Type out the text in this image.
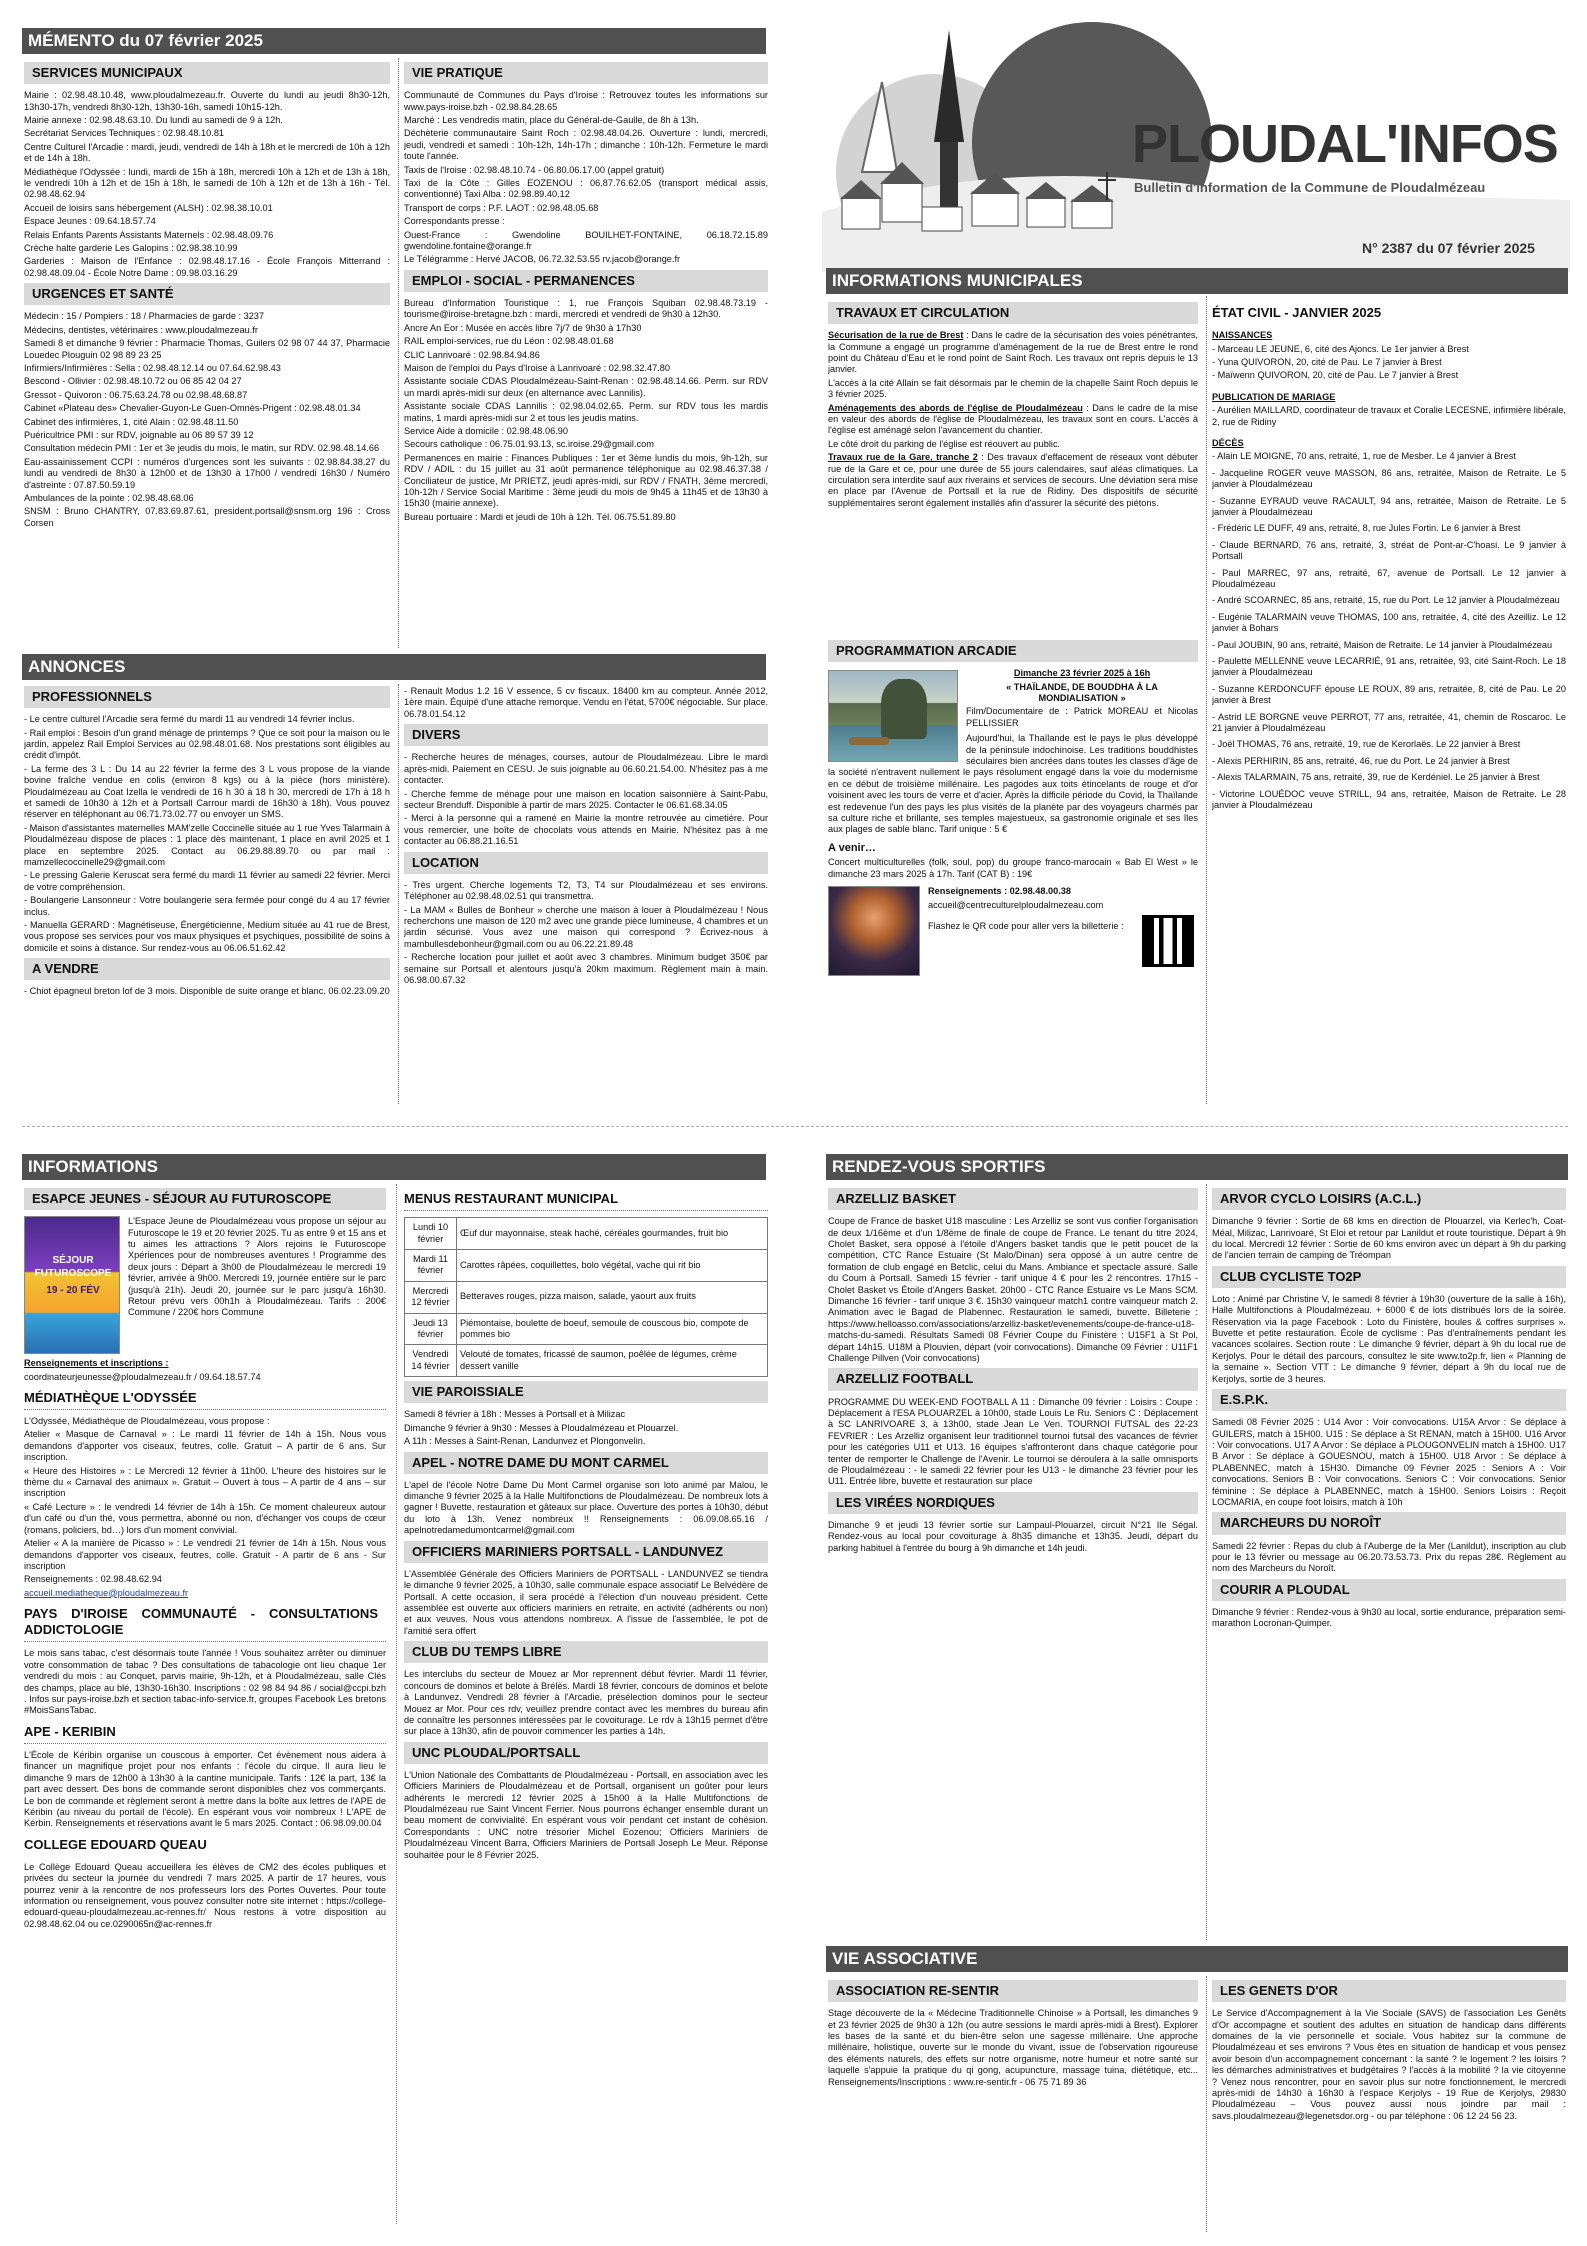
MÉMENTO du 07 février 2025
SERVICES MUNICIPAUX

Mairie : 02.98.48.10.48, www.ploudalmezeau.fr. Ouverte du lundi au jeudi 8h30-12h, 13h30-17h, vendredi 8h30-12h, 13h30-16h, samedi 10h15-12h.

Mairie annexe : 02.98.48.63.10. Du lundi au samedi de 9 à 12h.

Secrétariat Services Techniques : 02.98.48.10.81

Centre Culturel l'Arcadie : mardi, jeudi, vendredi de 14h à 18h et le mercredi de 10h à 12h et de 14h à 18h.

Médiathèque l'Odyssée : lundi, mardi de 15h à 18h, mercredi 10h à 12h et de 13h à 18h, le vendredi 10h à 12h et de 15h à 18h, le samedi de 10h à 12h et de 13h à 16h - Tél. 02.98.48.62.94

Accueil de loisirs sans hébergement (ALSH) : 02.98.38.10.01

Espace Jeunes : 09.64.18.57.74

Relais Enfants Parents Assistants Maternels : 02.98.48.09.76

Crèche halte garderie Les Galopins : 02.98.38.10.99

Garderies : Maison de l'Enfance : 02.98.48.17.16 - École François Mitterrand : 02.98.48.09.04 - École Notre Dame : 09.98.03.16.29

URGENCES ET SANTÉ

Médecin : 15 / Pompiers : 18 / Pharmacies de garde : 3237

Médecins, dentistes, vétérinaires : www.ploudalmezeau.fr

Samedi 8 et dimanche 9 février : Pharmacie Thomas, Guilers 02 98 07 44 37, Pharmacie Louedec Plouguin 02 98 89 23 25

Infirmiers/Infirmières : Sella : 02.98.48.12.14 ou 07.64.62.98.43

Bescond - Ollivier : 02.98.48.10.72 ou 06 85 42 04 27

Gressot - Quivoron : 06.75.63.24.78 ou 02.98.48.68.87

Cabinet «Plateau des» Chevalier-Guyon-Le Guen-Omnès-Prigent : 02.98.48.01.34

Cabinet des infirmières, 1, cité Alain : 02.98.48.11.50

Puéricultrice PMI : sur RDV, joignable au 06 89 57 39 12

Consultation médecin PMI : 1er et 3e jeudis du mois, le matin, sur RDV. 02.98.48.14.66

Eau-assainissement CCPI : numéros d'urgences sont les suivants : 02.98.84.38.27 du lundi au vendredi de 8h30 à 12h00 et de 13h30 à 17h00 / vendredi 16h30 / Numéro d'astreinte : 07.87.50.59.19

Ambulances de la pointe : 02.98.48.68.06

SNSM : Bruno CHANTRY, 07.83.69.87.61, president.portsall@snsm.org 196 : Cross Corsen

VIE PRATIQUE

Communauté de Communes du Pays d'Iroise : Retrouvez toutes les informations sur www.pays-iroise.bzh - 02.98.84.28.65

Marché : Les vendredis matin, place du Général-de-Gaulle, de 8h à 13h.

Déchèterie communautaire Saint Roch : 02.98.48.04.26. Ouverture : lundi, mercredi, jeudi, vendredi et samedi : 10h-12h, 14h-17h ; dimanche : 10h-12h. Fermeture le mardi toute l'année.

Taxis de l'Iroise : 02.98.48.10.74 - 06.80.06.17.00 (appel gratuit)

Taxi de la Côte : Gilles EOZENOU : 06.87.76.62.05 (transport médical assis, conventionné) Taxi Alba : 02.98.89.40.12

Transport de corps : P.F. LAOT : 02.98.48.05.68

Correspondants presse :

Ouest-France : Gwendoline BOUILHET-FONTAINE, 06.18.72.15.89 gwendoline.fontaine@orange.fr

Le Télégramme : Hervé JACOB, 06.72.32.53.55 rv.jacob@orange.fr

EMPLOI - SOCIAL - PERMANENCES

Bureau d'Information Touristique : 1, rue François Squiban 02.98.48.73.19 - tourisme@iroise-bretagne.bzh : mardi, mercredi et vendredi de 9h30 à 12h30.

Ancre An Eor : Musée en accès libre 7j/7 de 9h30 à 17h30

RAIL emploi-services, rue du Léon : 02.98.48.01.68

CLIC Lanrivoaré : 02.98.84.94.86

Maison de l'emploi du Pays d'Iroise à Lanrivoaré : 02.98.32.47.80

Assistante sociale CDAS Ploudalmézeau-Saint-Renan : 02.98.48.14.66. Perm. sur RDV un mardi après-midi sur deux (en alternance avec Lannilis).

Assistante sociale CDAS Lannilis : 02.98.04.02.65. Perm. sur RDV tous les mardis matins, 1 mardi après-midi sur 2 et tous les jeudis matins.

Service Aide à domicile : 02.98.48.06.90

Secours catholique : 06.75.01.93.13, sc.iroise.29@gmail.com

Permanences en mairie : Finances Publiques : 1er et 3ème lundis du mois, 9h-12h, sur RDV / ADIL : du 15 juillet au 31 août permanence téléphonique au 02.98.46.37.38 / Conciliateur de justice, Mr PRIETZ, jeudi après-midi, sur RDV / FNATH, 3ème mercredi, 10h-12h / Service Social Maritime : 3ème jeudi du mois de 9h45 à 11h45 et de 13h30 à 15h30 (mairie annexe).

Bureau portuaire : Mardi et jeudi de 10h à 12h. Tél. 06.75.51.89.80

ANNONCES
PROFESSIONNELS

- Le centre culturel l'Arcadie sera fermé du mardi 11 au vendredi 14 février inclus.

- Rail emploi : Besoin d'un grand ménage de printemps ? Que ce soit pour la maison ou le jardin, appelez Rail Emploi Services au 02.98.48.01.68. Nos prestations sont éligibles au crédit d'impôt.

- La ferme des 3 L : Du 14 au 22 février la ferme des 3 L vous propose de la viande bovine fraîche vendue en colis (environ 8 kgs) ou à la pièce (hors ministère). Ploudalmézeau au Coat Izella le vendredi de 16 h 30 à 18 h 30, mercredi de 17h à 18 h et samedi de 10h30 à 12h et à Portsall Carrour mardi de 16h30 à 18h). Vous pouvez réserver en téléphonant au 06.71.73.02.77 ou envoyer un SMS.

- Maison d'assistantes maternelles MAM'zelle Coccinelle située au 1 rue Yves Talarmain à Ploudalmézeau dispose de places : 1 place dès maintenant, 1 place en avril 2025 et 1 place en septembre 2025. Contact au 06.29.88.89.70 ou par mail : mamzellecoccinelle29@gmail.com

- Le pressing Galerie Keruscat sera fermé du mardi 11 février au samedi 22 février. Merci de votre compréhension.

- Boulangerie Lansonneur : Votre boulangerie sera fermée pour congé du 4 au 17 février inclus.

- Manuella GERARD : Magnétiseuse, Énergéticienne, Medium située au 41 rue de Brest, vous propose ses services pour vos maux physiques et psychiques, possibilité de soins à domicile et soins à distance. Sur rendez-vous au 06.06.51.62.42

A VENDRE

- Chiot épagneul breton lof de 3 mois. Disponible de suite orange et blanc. 06.02.23.09.20

- Renault Modus 1.2 16 V essence, 5 cv fiscaux. 18400 km au compteur. Année 2012, 1ère main. Équipé d'une attache remorque. Vendu en l'état, 5700€ négociable. Sur place. 06.78.01.54.12

DIVERS

- Recherche heures de ménages, courses, autour de Ploudalmézeau. Libre le mardi après-midi. Paiement en CESU. Je suis joignable au 06.60.21.54.00. N'hésitez pas à me contacter.

- Cherche femme de ménage pour une maison en location saisonnière à Saint-Pabu, secteur Brenduff. Disponible à partir de mars 2025. Contacter le 06.61.68.34.05

- Merci à la personne qui a ramené en Mairie la montre retrouvée au cimetière. Pour vous remercier, une boîte de chocolats vous attends en Mairie. N'hésitez pas à me contacter au 06.88.21.16.51

LOCATION

- Très urgent. Cherche logements T2, T3, T4 sur Ploudalmézeau et ses environs. Téléphoner au 02.98.48.02.51 qui transmettra.

- La MAM « Bulles de Bonheur » cherche une maison à louer à Ploudalmézeau ! Nous recherchons une maison de 120 m2 avec une grande pièce lumineuse, 4 chambres et un jardin sécurisé. Vous avez une maison qui correspond ? Écrivez-nous à mambullesdebonheur@gmail.com ou au 06.22.21.89.48

- Recherche location pour juillet et août avec 3 chambres. Minimum budget 350€ par semaine sur Portsall et alentours jusqu'à 20km maximum. Règlement main à main. 06.98.00.67.32

PLOUDAL'INFOS
Bulletin d'information de la Commune de Ploudalmézeau
N° 2387 du 07 février 2025
INFORMATIONS MUNICIPALES
TRAVAUX ET CIRCULATION

Sécurisation de la rue de Brest : Dans le cadre de la sécurisation des voies pénétrantes, la Commune a engagé un programme d'aménagement de la rue de Brest entre le rond point du Château d'Eau et le rond point de Saint Roch. Les travaux ont repris depuis le 13 janvier.

L'accès à la cité Allain se fait désormais par le chemin de la chapelle Saint Roch depuis le 3 février 2025.

Aménagements des abords de l'église de Ploudalmézeau : Dans le cadre de la mise en valeur des abords de l'église de Ploudalmézeau, les travaux sont en cours. L'accès à l'église est aménagé selon l'avancement du chantier.

Le côté droit du parking de l'église est réouvert au public.

Travaux rue de la Gare, tranche 2 : Des travaux d'effacement de réseaux vont débuter rue de la Gare et ce, pour une durée de 55 jours calendaires, sauf aléas climatiques. La circulation sera interdite sauf aux riverains et services de secours. Une déviation sera mise en place par l'Avenue de Portsall et la rue de Ridiny. Des dispositifs de sécurité supplémentaires seront également installés afin d'assurer la sécurité des piétons.

PROGRAMMATION ARCADIE

Dimanche 23 février 2025 à 16h

« THAÏLANDE, DE BOUDDHA À LA MONDIALISATION »

Film/Documentaire de : Patrick MOREAU et Nicolas PELLISSIER

Aujourd'hui, la Thaïlande est le pays le plus développé de la péninsule indochinoise. Les traditions bouddhistes séculaires bien ancrées dans toutes les classes d'âge de la société n'entravent nullement le pays résolument engagé dans la voie du modernisme en ce début de troisième millénaire. Les pagodes aux toits étincelants de rouge et d'or voisinent avec les tours de verre et d'acier. Après la difficile période du Covid, la Thaïlande est redevenue l'un des pays les plus visités de la planète par des voyageurs charmés par sa culture riche et brillante, ses temples majestueux, sa gastronomie originale et ses îles aux plages de sable blanc. Tarif unique : 5 €

A venir…

Concert multiculturelles (folk, soul, pop) du groupe franco-marocain « Bab El West » le dimanche 23 mars 2025 à 17h. Tarif (CAT B) : 19€

Renseignements : 02.98.48.00.38

accueil@centreculturelploudalmezeau.com

Flashez le QR code pour aller vers la billetterie :

ÉTAT CIVIL - JANVIER 2025

NAISSANCES

- Marceau LE JEUNE, 6, cité des Ajoncs. Le 1er janvier à Brest

- Yuna QUIVORON, 20, cité de Pau. Le 7 janvier à Brest

- Maïwenn QUIVORON, 20, cité de Pau. Le 7 janvier à Brest

PUBLICATION DE MARIAGE

- Aurélien MAILLARD, coordinateur de travaux et Coralie LECESNE, infirmière libérale, 2, rue de Ridiny

DÉCÈS

- Alain LE MOIGNE, 70 ans, retraité, 1, rue de Mesber. Le 4 janvier à Brest

- Jacqueline ROGER veuve MASSON, 86 ans, retraitée, Maison de Retraite. Le 5 janvier à Ploudalmézeau

- Suzanne EYRAUD veuve RACAULT, 94 ans, retraitée, Maison de Retraite. Le 5 janvier à Ploudalmézeau

- Frédéric LE DUFF, 49 ans, retraité, 8, rue Jules Fortin. Le 6 janvier à Brest

- Claude BERNARD, 76 ans, retraité, 3, stréat de Pont-ar-C'hoasi. Le 9 janvier à Portsall

- Paul MARREC, 97 ans, retraité, 67, avenue de Portsall. Le 12 janvier à Ploudalmézeau

- André SCOARNEC, 85 ans, retraité, 15, rue du Port. Le 12 janvier à Ploudalmézeau

- Eugénie TALARMAIN veuve THOMAS, 100 ans, retraitée, 4, cité des Azeilliz. Le 12 janvier à Bohars

- Paul JOUBIN, 90 ans, retraité, Maison de Retraite. Le 14 janvier à Ploudalmézeau

- Paulette MELLENNE veuve LECARRIÉ, 91 ans, retraitée, 93, cité Saint-Roch. Le 18 janvier à Ploudalmézeau

- Suzanne KERDONCUFF épouse LE ROUX, 89 ans, retraitée, 8, cité de Pau. Le 20 janvier à Brest

- Astrid LE BORGNE veuve PERROT, 77 ans, retraitée, 41, chemin de Roscaroc. Le 21 janvier à Ploudalmézeau

- Joël THOMAS, 76 ans, retraité, 19, rue de Kerorlaës. Le 22 janvier à Brest

- Alexis PERHIRIN, 85 ans, retraité, 46, rue du Port. Le 24 janvier à Brest

- Alexis TALARMAIN, 75 ans, retraité, 39, rue de Kerdéniel. Le 25 janvier à Brest

- Victorine LOUÉDOC veuve STRILL, 94 ans, retraitée, Maison de Retraite. Le 28 janvier à Ploudalmézeau

INFORMATIONS
ESAPCE JEUNES - SÉJOUR AU FUTUROSCOPE
SÉJOUR FUTUROSCOPE
19 - 20 FÉV

L'Espace Jeune de Ploudalmézeau vous propose un séjour au Futuroscope le 19 et 20 février 2025. Tu as entre 9 et 15 ans et tu aimes les attractions ? Alors rejoins le Futuroscope Xpériences pour de nombreuses aventures ! Programme des deux jours : Départ à 3h00 de Ploudalmézeau le mercredi 19 février, arrivée à 9h00. Mercredi 19, journée entière sur le parc (jusqu'à 21h). Jeudi 20, journée sur le parc jusqu'à 16h30. Retour prévu vers 00h1h à Ploudalmézeau. Tarifs : 200€ Commune / 220€ hors Commune

Renseignements et inscriptions :

coordinateurjeunesse@ploudalmezeau.fr / 09.64.18.57.74

MÉDIATHÈQUE L'ODYSSÉE

L'Odyssée, Médiathèque de Ploudalmézeau, vous propose :

Atelier « Masque de Carnaval » : Le mardi 11 février de 14h à 15h. Nous vous demandons d'apporter vos ciseaux, feutres, colle. Gratuit – A partir de 6 ans. Sur inscription.

« Heure des Histoires » : Le Mercredi 12 février à 11h00. L'heure des histoires sur le thème du « Carnaval des animaux ». Gratuit – Ouvert à tous – A partir de 4 ans – sur inscription

« Café Lecture » : le vendredi 14 février de 14h à 15h. Ce moment chaleureux autour d'un café ou d'un thé, vous permettra, abonné ou non, d'échanger vos coups de cœur (romans, policiers, bd…) lors d'un moment convivial.

Atelier « A la manière de Picasso » : Le vendredi 21 février de 14h à 15h. Nous vous demandons d'apporter vos ciseaux, feutres, colle. Gratuit - A partir de 6 ans - Sur inscription

Renseignements : 02.98.48.62.94

accueil.mediatheque@ploudalmezeau.fr

PAYS D'IROISE COMMUNAUTÉ - CONSULTATIONS ADDICTOLOGIE

Le mois sans tabac, c'est désormais toute l'année ! Vous souhaitez arrêter ou diminuer votre consommation de tabac ? Des consultations de tabacologie ont lieu chaque 1er vendredi du mois : au Conquet, parvis mairie, 9h-12h, et à Ploudalmézeau, salle Clés des champs, place au blé, 13h30-16h30. Inscriptions : 02 98 84 94 86 / social@ccpi.bzh . Infos sur pays-iroise.bzh et section tabac-info-service.fr, groupes Facebook Les bretons #MoisSansTabac.

APE - KERIBIN

L'École de Kéribin organise un couscous à emporter. Cet évènement nous aidera à financer un magnifique projet pour nos enfants : l'école du cirque. Il aura lieu le dimanche 9 mars de 12h00 à 13h30 à la cantine municipale. Tarifs : 12€ la part, 13€ la part avec dessert. Des bons de commande seront disponibles chez vos commerçants. Le bon de commande et règlement seront à mettre dans la boîte aux lettres de l'APE de Kéribin (au niveau du portail de l'école). En espérant vous voir nombreux ! L'APE de Kérbin. Renseignements et réservations avant le 5 mars 2025. Contact : 06.98.09.00.04

COLLEGE EDOUARD QUEAU

Le Collège Edouard Queau accueillera les élèves de CM2 des écoles publiques et privées du secteur la journée du vendredi 7 mars 2025. A partir de 17 heures, vous pourrez venir à la rencontre de nos professeurs lors des Portes Ouvertes. Pour toute information ou renseignement, vous pouvez consulter notre site internet : https://college-edouard-queau-ploudalmezeau.ac-rennes.fr/ Nous restons à votre disposition au 02.98.48.62.04 ou ce.0290065n@ac-rennes.fr

MENUS RESTAURANT MUNICIPAL
Lundi 10 février	Œuf dur mayonnaise, steak haché, céréales gourmandes, fruit bio
Mardi 11 février	Carottes râpées, coquillettes, bolo végétal, vache qui rit bio
Mercredi 12 février	Betteraves rouges, pizza maison, salade, yaourt aux fruits
Jeudi 13 février	Piémontaise, boulette de boeuf, semoule de couscous bio, compote de pommes bio
Vendredi 14 février	Velouté de tomates, fricassé de saumon, poêlée de légumes, crème dessert vanille
VIE PAROISSIALE

Samedi 8 février à 18h : Messes à Portsall et à Milizac

Dimanche 9 février à 9h30 : Messes à Ploudalmézeau et Plouarzel.

A 11h : Messes à Saint-Renan, Landunvez et Plongonvelin.

APEL - NOTRE DAME DU MONT CARMEL

L'apel de l'école Notre Dame Du Mont Carmel organise son loto animé par Malou, le dimanche 9 février 2025 à la Halle Multifonctions de Ploudalmézeau. De nombreux lots à gagner ! Buvette, restauration et gâteaux sur place. Ouverture des portes à 10h30, début du loto à 13h. Venez nombreux !! Renseignements : 06.09.08.65.16 / apelnotredamedumontcarmel@gmail.com

OFFICIERS MARINIERS PORTSALL - LANDUNVEZ

L'Assemblée Générale des Officiers Mariniers de PORTSALL - LANDUNVEZ se tiendra le dimanche 9 février 2025, à 10h30, salle communale espace associatif Le Belvédère de Portsall. A cette occasion, il sera procédé à l'élection d'un nouveau président. Cette assemblée est ouverte aux officiers mariniers en retraite, en activité (adhérents ou non) et aux veuves. Nous vous attendons nombreux. A l'issue de l'assemblée, le pot de l'amitié sera offert

CLUB DU TEMPS LIBRE

Les interclubs du secteur de Mouez ar Mor reprennent début février. Mardi 11 février, concours de dominos et belote à Brélès. Mardi 18 février, concours de dominos et belote à Landunvez. Vendredi 28 février à l'Arcadie, présélection dominos pour le secteur Mouez ar Mor. Pour ces rdv, veuillez prendre contact avec les membres du bureau afin de connaître les personnes intéressées par le covoiturage. Le rdv à 13h15 permet d'être sur place à 13h30, afin de pouvoir commencer les parties à 14h.

UNC PLOUDAL/PORTSALL

L'Union Nationale des Combattants de Ploudalmézeau - Portsall, en association avec les Officiers Mariniers de Ploudalmézeau et de Portsall, organisent un goûter pour leurs adhérents le mercredi 12 février 2025 à 15h00 à la Halle Multifonctions de Ploudalmézeau rue Saint Vincent Ferrier. Nous pourrons échanger ensemble durant un beau moment de convivialité. En espérant vous voir pendant cet instant de cohésion. Correspondants : UNC notre trésorier Michel Eozenou; Officiers Mariniers de Ploudalmézeau Vincent Barra, Officiers Mariniers de Portsall Joseph Le Meur. Réponse souhaitée pour le 8 Février 2025.

RENDEZ-VOUS SPORTIFS
ARZELLIZ BASKET

Coupe de France de basket U18 masculine : Les Arzelliz se sont vus confier l'organisation de deux 1/16ème et d'un 1/8ème de finale de coupe de France. Le tenant du titre 2024, Cholet Basket, sera opposé à l'étoile d'Angers basket tandis que le petit poucet de la compétition, CTC Rance Estuaire (St Malo/Dinan) sera opposé à un autre centre de formation de club engagé en Betclic, celui du Mans. Ambiance et spectacle assuré. Salle du Coum à Portsall. Samedi 15 février - tarif unique 4 € pour les 2 rencontres. 17h15 - Cholet Basket vs Étoile d'Angers Basket. 20h00 - CTC Rance Estuaire vs Le Mans SCM. Dimanche 16 février - tarif unique 3 €. 15h30 vainqueur match1 contre vainqueur match 2. Animation avec le Bagad de Plabennec. Restauration le samedi, buvette. Billeterie : https://www.helloasso.com/associations/arzelliz-basket/evenements/coupe-de-france-u18-matchs-du-samedi. Résultats Samedi 08 Février Coupe du Finistère : U15F1 à St Pol, départ 14h15. U18M à Plouvien, départ (voir convocations). Dimanche 09 Février : U11F1 Challenge Pillven (Voir convocations)

ARZELLIZ FOOTBALL

PROGRAMME DU WEEK-END FOOTBALL A 11 : Dimanche 09 février : Loisirs : Coupe : Déplacement à l'ESA PLOUARZEL à 10h00, stade Louis Le Ru. Seniors C : Déplacement à SC LANRIVOARE 3, à 13h00, stade Jean Le Ven. TOURNOI FUTSAL des 22-23 FEVRIER : Les Arzelliz organisent leur traditionnel tournoi futsal des vacances de février pour les catégories U11 et U13. 16 équipes s'affronteront dans chaque catégorie pour tenter de remporter le Challenge de l'Avenir. Le tournoi se déroulera à la salle omnisports de Ploudalmézeau : - le samedi 22 février pour les U13 - le dimanche 23 février pour les U11. Entrée libre, buvette et restauration sur place

LES VIRÉES NORDIQUES

Dimanche 9 et jeudi 13 février sortie sur Lampaul-Plouarzel, circuit N°21 Ile Ségal. Rendez-vous au local pour covoiturage à 8h35 dimanche et 13h35. Jeudi, départ du parking habituel à l'entrée du bourg à 9h dimanche et 14h jeudi.

ARVOR CYCLO LOISIRS (A.C.L.)

Dimanche 9 février : Sortie de 68 kms en direction de Plouarzel, via Kerlec'h, Coat-Méal, Milizac, Lanrivoaré, St Eloi et retour par Lanildut et route touristique. Départ à 9h du local. Mercredi 12 février : Sortie de 60 kms environ avec un départ à 9h du parking de l'ancien terrain de camping de Tréompan

CLUB CYCLISTE TO2P

Loto : Animé par Christine V, le samedi 8 février à 19h30 (ouverture de la salle à 16h), Halle Multifonctions à Ploudalmézeau. + 6000 € de lots distribués lors de la soirée. Réservation via la page Facebook : Loto du Finistère, boules & coffres surprises ». Buvette et petite restauration. École de cyclisme : Pas d'entraînements pendant les vacances scolaires. Section route : Le dimanche 9 février, départ à 9h du local rue de Kerjolys. Pour le détail des parcours, consultez le site www.to2p.fr, lien « Planning de la semaine ». Section VTT : Le dimanche 9 février, départ à 9h du local rue de Kerjolys, sortie de 3 heures.

E.S.P.K.

Samedi 08 Février 2025 : U14 Avor : Voir convocations. U15A Arvor : Se déplace à GUILERS, match à 15H00. U15 : Se déplace à St RENAN, match à 15H00. U16 Arvor : Voir convocations. U17 A Arvor : Se déplace à PLOUGONVELIN match à 15H00. U17 B Arvor : Se déplace à GOUESNOU, match à 15H00. U18 Arvor : Se déplace à PLABENNEC, match à 15H30. Dimanche 09 Février 2025 : Seniors A : Voir convocations. Seniors B : Voir convocations. Seniors C : Voir convocations. Senior féminine : Se déplace à PLABENNEC, match à 15H00. Seniors Loisirs : Reçoit LOCMARIA, en coupe foot loisirs, match à 10h

MARCHEURS DU NOROÎT

Samedi 22 février : Repas du club à l'Auberge de la Mer (Lanildut), inscription au club pour le 13 février ou message au 06.20.73.53.73. Prix du repas 28€. Règlement au nom des Marcheurs du Noroît.

COURIR A PLOUDAL

Dimanche 9 février : Rendez-vous à 9h30 au local, sortie endurance, préparation semi-marathon Locronan-Quimper.

VIE ASSOCIATIVE
ASSOCIATION RE-SENTIR

Stage découverte de la « Médecine Traditionnelle Chinoise » à Portsall, les dimanches 9 et 23 février 2025 de 9h30 à 12h (ou autre sessions le mardi après-midi à Brest). Explorer les bases de la santé et du bien-être selon une sagesse millénaire. Une approche millénaire, holistique, ouverte sur le monde du vivant, issue de l'observation rigoureuse des éléments naturels, des effets sur notre organisme, notre humeur et notre santé sur laquelle s'appuie la pratique du qi gong, acupuncture, massage tuina, diététique, etc... Renseignements/Inscriptions : www.re-sentir.fr - 06 75 71 89 36

LES GENETS D'OR

Le Service d'Accompagnement à la Vie Sociale (SAVS) de l'association Les Genêts d'Or accompagne et soutient des adultes en situation de handicap dans différents domaines de la vie personnelle et sociale. Vous habitez sur la commune de Ploudalmézeau et ses environs ? Vous êtes en situation de handicap et vous pensez avoir besoin d'un accompagnement concernant : la santé ? le logement ? les loisirs ? les démarches administratives et budgétaires ? l'accès à la mobilité ? la vie citoyenne ? Venez nous rencontrer, pour en savoir plus sur notre fonctionnement, le mercredi après-midi de 14h30 à 16h30 à l'espace Kerjolys - 19 Rue de Kerjolys, 29830 Ploudalmézeau – Vous pouvez aussi nous joindre par mail : savs.ploudalmezeau@legenetsdor.org - ou par téléphone : 06 12 24 56 23.
